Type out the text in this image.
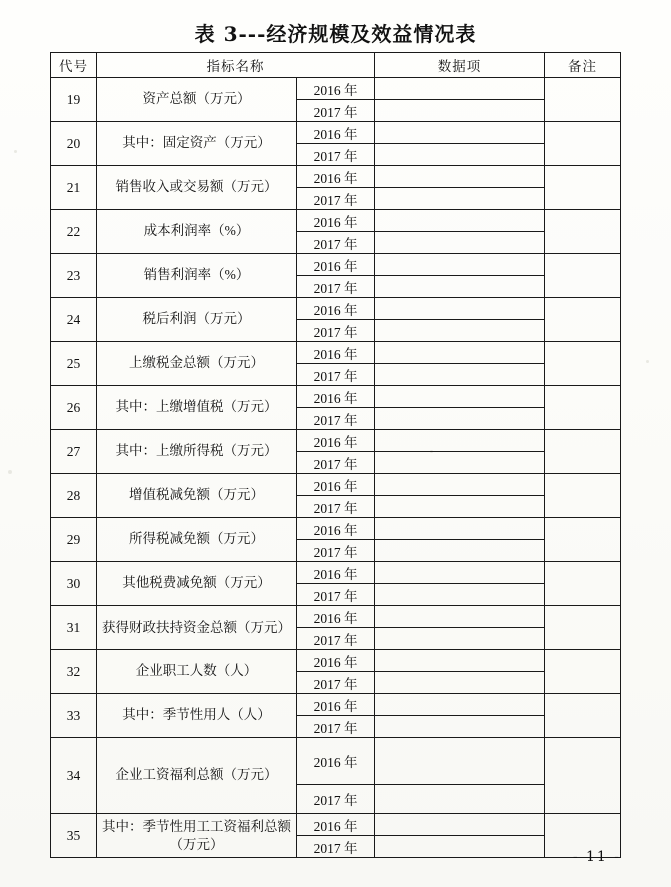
表 3---经济规模及效益情况表
代号	指标名称		数据项	备注
19	资产总额（万元）	2016 年		
		2017 年		
20	其中：固定资产（万元）	2016 年		
		2017 年		
21	销售收入或交易额（万元）	2016 年		
		2017 年		
22	成本利润率（%）	2016 年		
		2017 年		
23	销售利润率（%）	2016 年		
		2017 年		
24	税后利润（万元）	2016 年		
		2017 年		
25	上缴税金总额（万元）	2016 年		
		2017 年		
26	其中：上缴增值税（万元）	2016 年		
		2017 年		
27	其中：上缴所得税（万元）	2016 年		
		2017 年		
28	增值税减免额（万元）	2016 年		
		2017 年		
29	所得税减免额（万元）	2016 年		
		2017 年		
30	其他税费减免额（万元）	2016 年		
		2017 年		
31	获得财政扶持资金总额（万元）	2016 年		
		2017 年		
32	企业职工人数（人）	2016 年		
		2017 年		
33	其中：季节性用人（人）	2016 年		
		2017 年		
34	企业工资福利总额（万元）	2016 年		
		2017 年		
35	其中：季节性用工工资福利总额（万元）	2016 年		
		2017 年		
- 11 -
